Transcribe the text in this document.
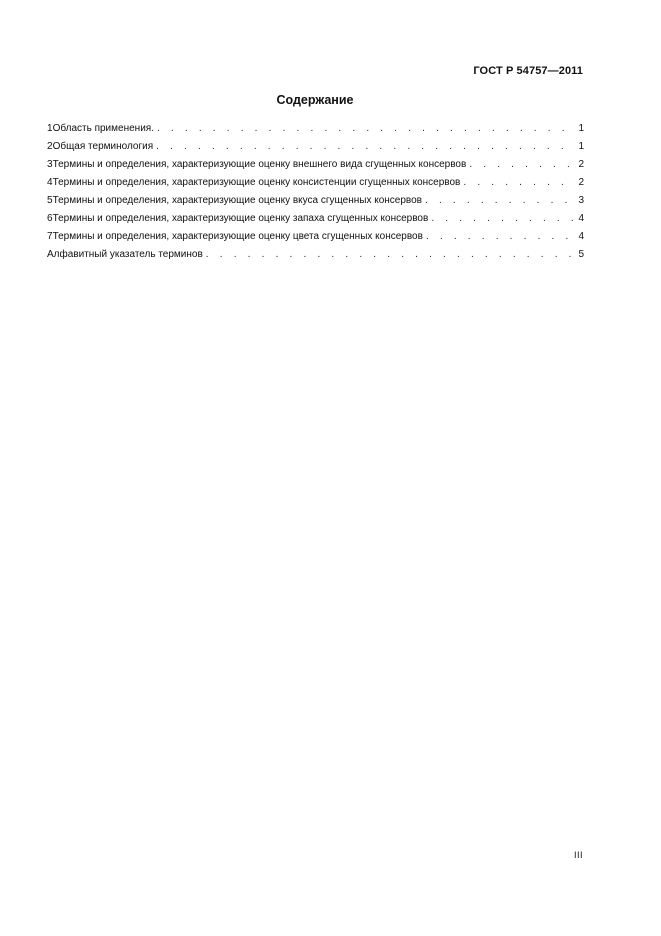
ГОСТ Р 54757—2011
Содержание
1 Область применения. . . .	1
2 Общая терминология . . .	1
3 Термины и определения, характеризующие оценку внешнего вида сгущенных консервов . . .	2
4 Термины и определения, характеризующие оценку консистенции сгущенных консервов . . .	2
5 Термины и определения, характеризующие оценку вкуса сгущенных консервов . . .	3
6 Термины и определения, характеризующие оценку запаха сгущенных консервов . . .	4
7 Термины и определения, характеризующие оценку цвета сгущенных консервов . . .	4
Алфавитный указатель терминов . . .	5
III
